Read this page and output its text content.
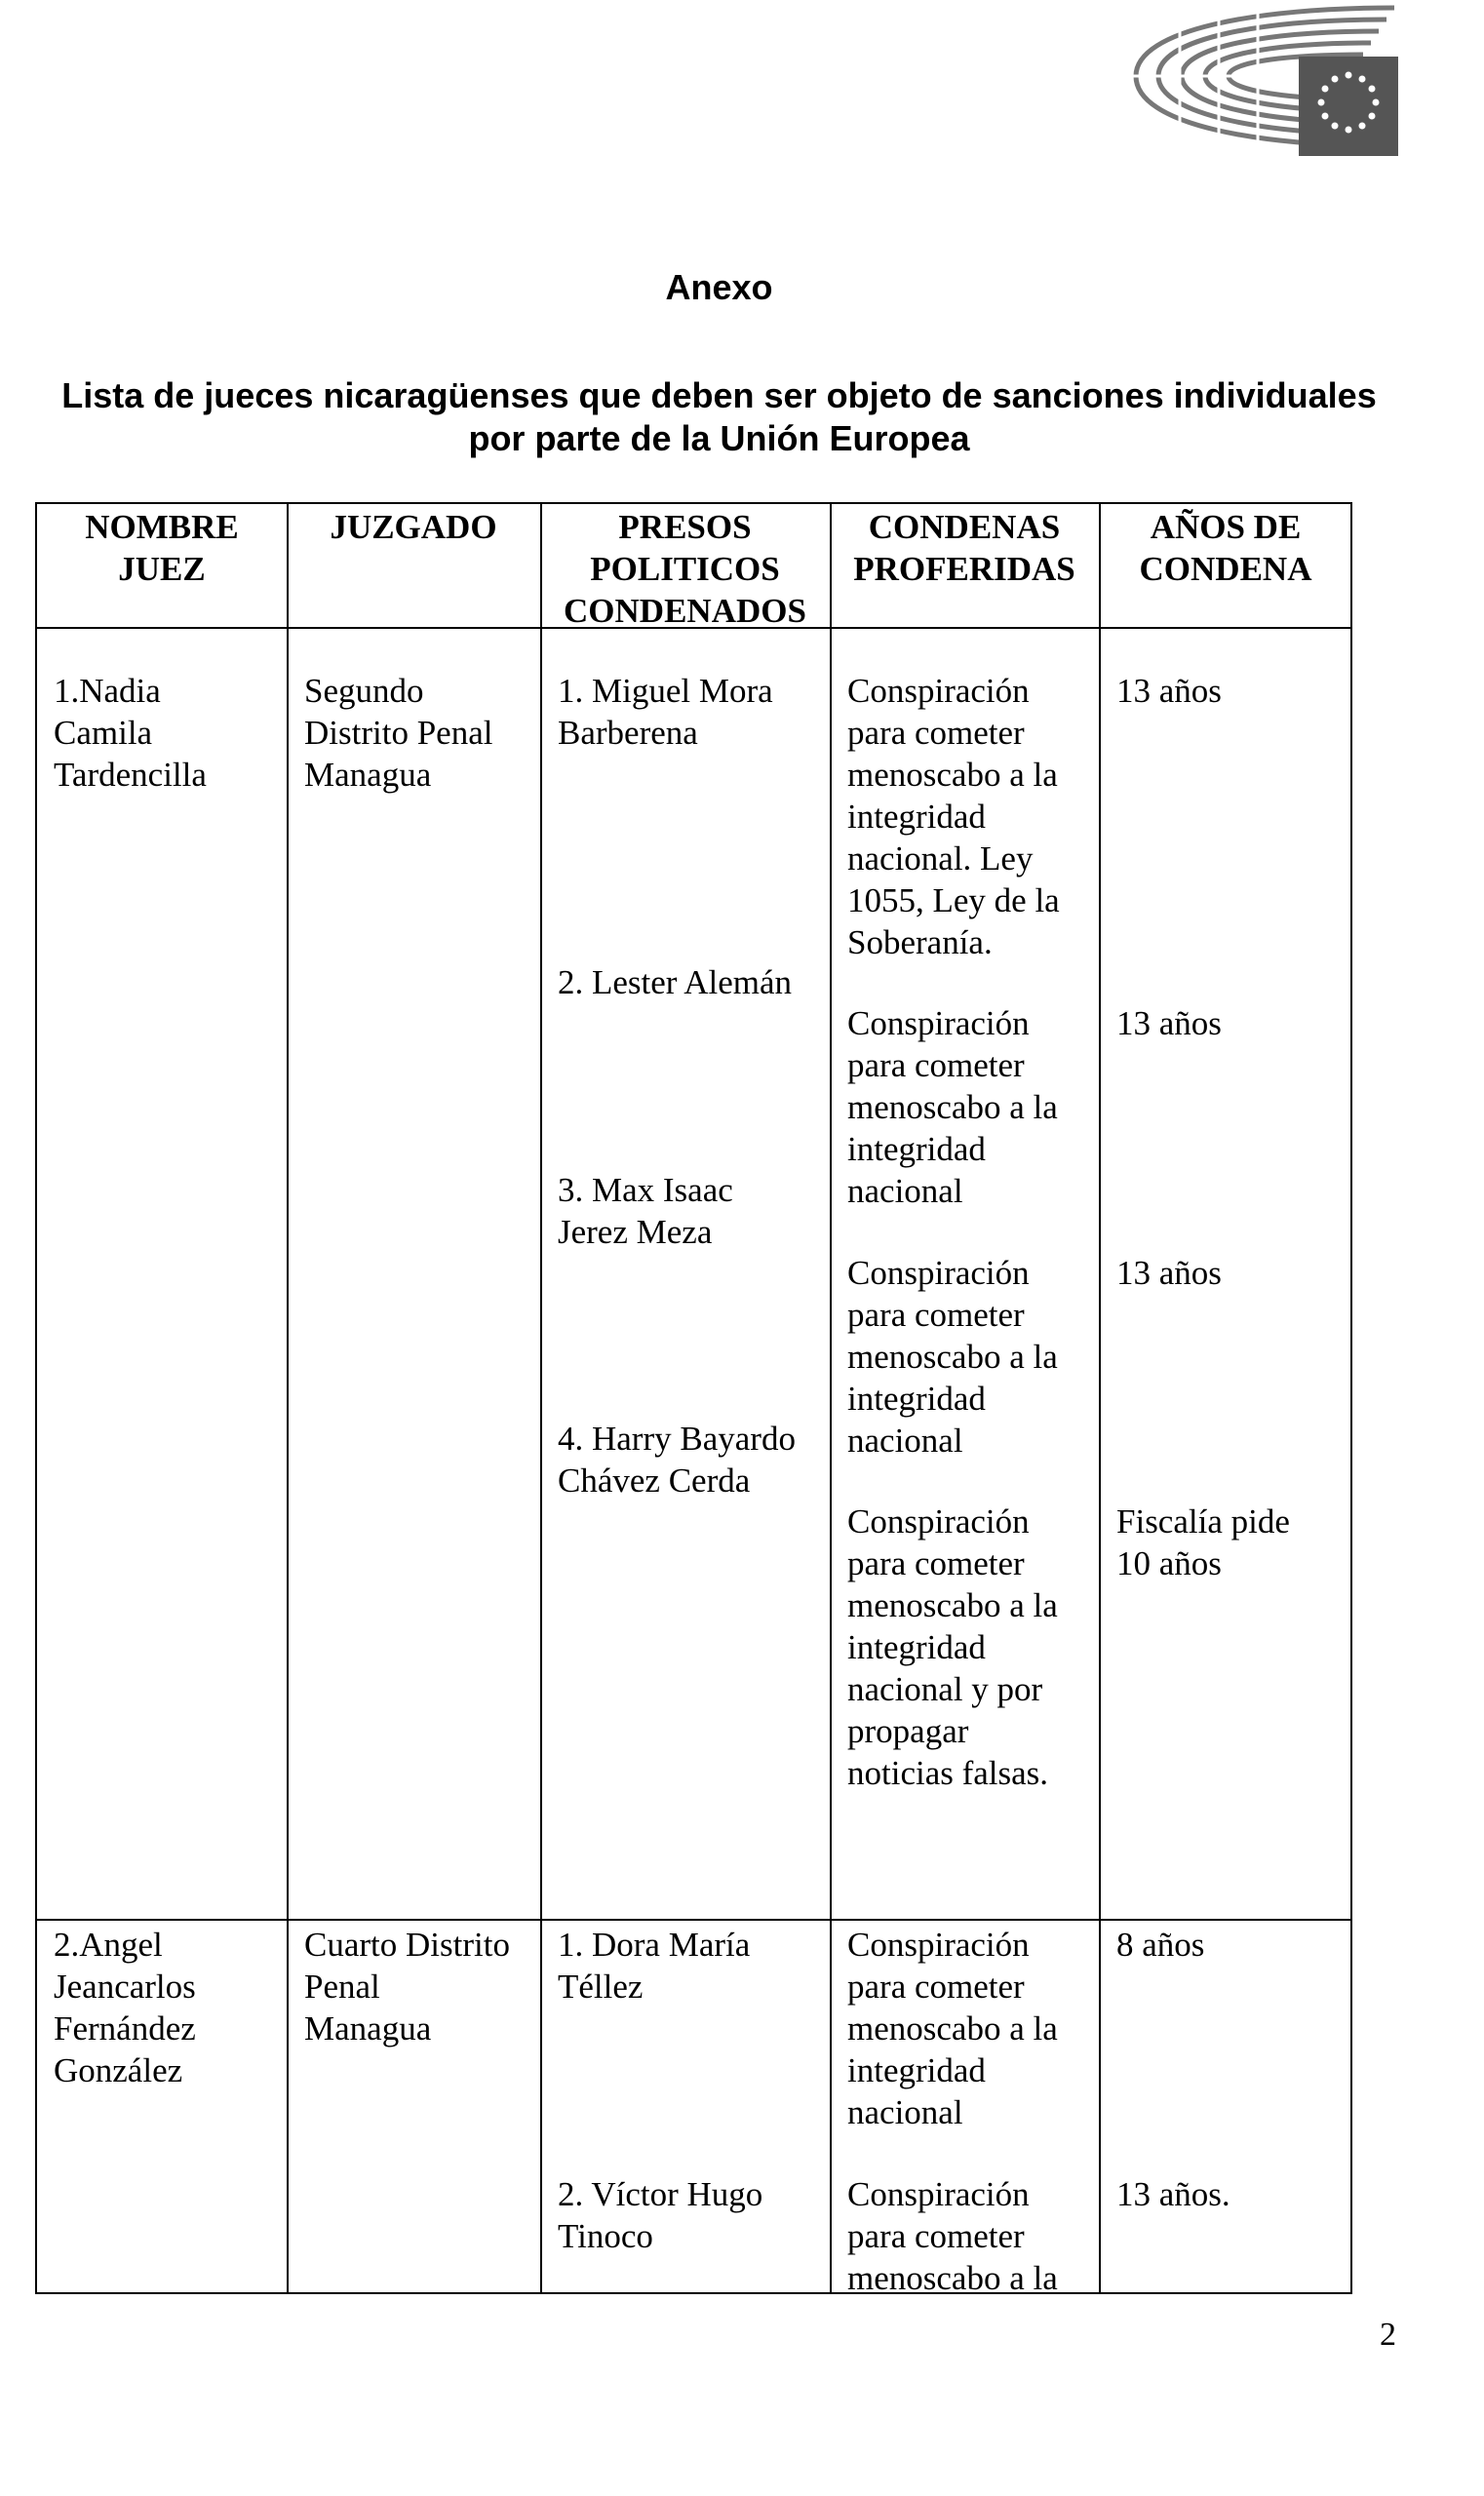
Anexo
Lista de jueces nicaragüenses que deben ser objeto de sanciones individuales
por parte de la Unión Europea
NOMBRE
JUEZ
JUZGADO	PRESOS
POLITICOS
CONDENADOS
CONDENAS
PROFERIDAS
AÑOS DE
CONDENA
1.Nadia
Camila
Tardencilla
Segundo
Distrito Penal
Managua
1. Miguel Mora
Barberena
2. Lester Alemán
3. Max Isaac
Jerez Meza
4. Harry Bayardo
Chávez Cerda
Conspiración
para cometer
menoscabo a la
integridad
nacional. Ley
1055, Ley de la
Soberanía.
Conspiración
para cometer
menoscabo a la
integridad
nacional
Conspiración
para cometer
menoscabo a la
integridad
nacional
Conspiración
para cometer
menoscabo a la
integridad
nacional y por
propagar
noticias falsas.
13 años
13 años
13 años
Fiscalía pide
10 años
2.Angel
Jeancarlos
Fernández
González
Cuarto Distrito
Penal
Managua
1. Dora María
Téllez
2. Víctor Hugo
Tinoco
Conspiración
para cometer
menoscabo a la
integridad
nacional
Conspiración
para cometer
menoscabo a la
8 años
13 años.
2
